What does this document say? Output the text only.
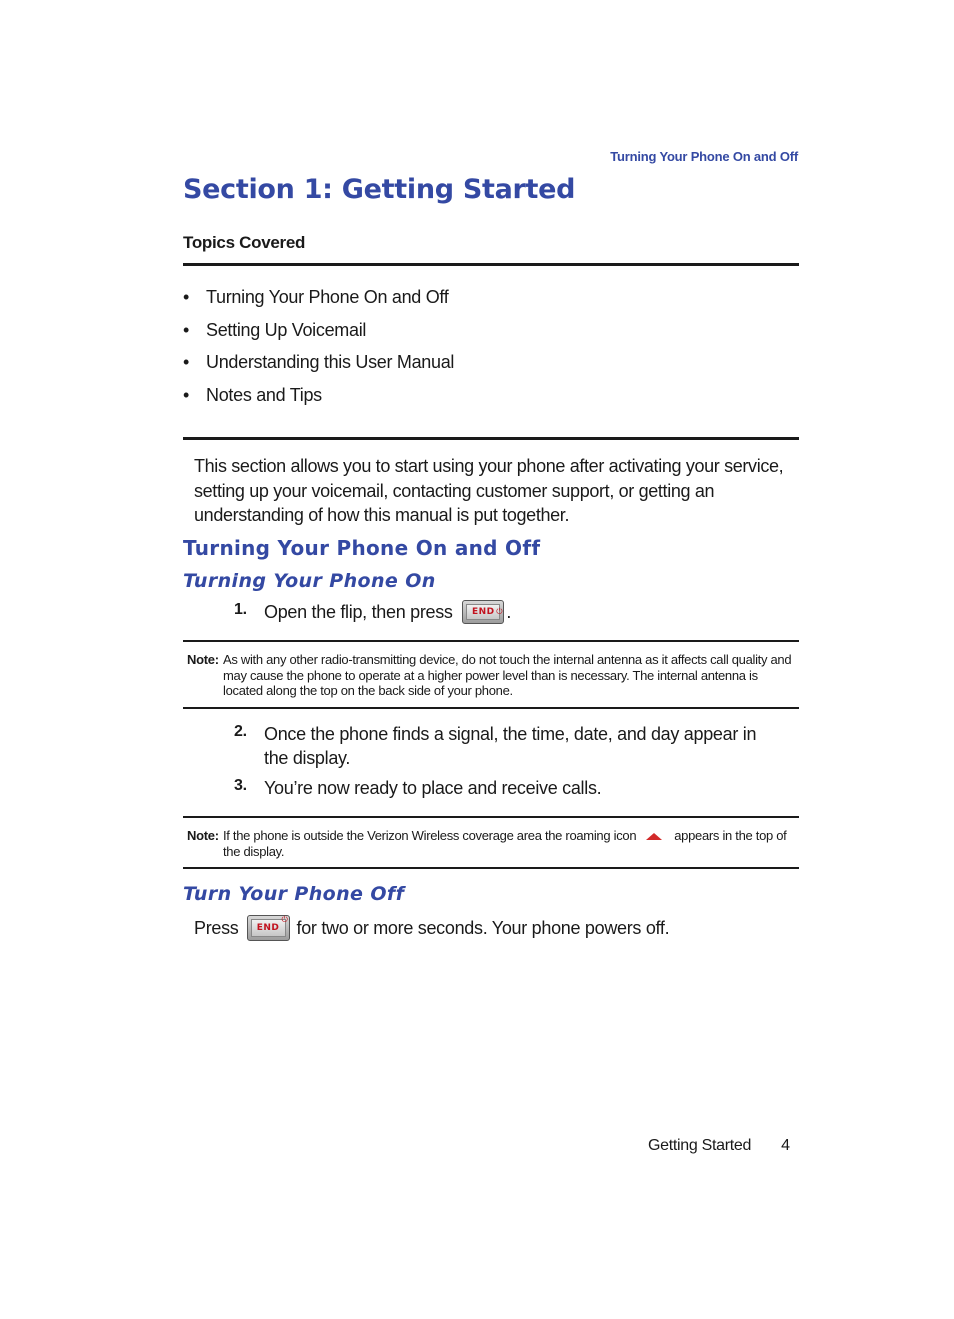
Turning Your Phone On and Off
Section 1: Getting Started
Topics Covered
• Turning Your Phone On and Off
• Setting Up Voicemail
• Understanding this User Manual
• Notes and Tips

This section allows you to start using your phone after activating your service, setting up your voicemail, contacting customer support, or getting an understanding of how this manual is put together.

Turning Your Phone On and Off
Turning Your Phone On
1. Open the flip, then press	END ⏻ .
Note: As with any other radio-transmitting device, do not touch the internal antenna as it affects call quality and may cause the phone to operate at a higher power level than is necessary. The internal antenna is located along the top on the back side of your phone.
2. Once the phone finds a signal, the time, date, and day appear in the display.
3. You’re now ready to place and receive calls.
Note: If the phone is outside the Verizon Wireless coverage area the roaming icon	appears in the top of the display.
Turn Your Phone Off
Press	END
⏻ for two or more seconds. Your phone powers off.
Getting Started 4
